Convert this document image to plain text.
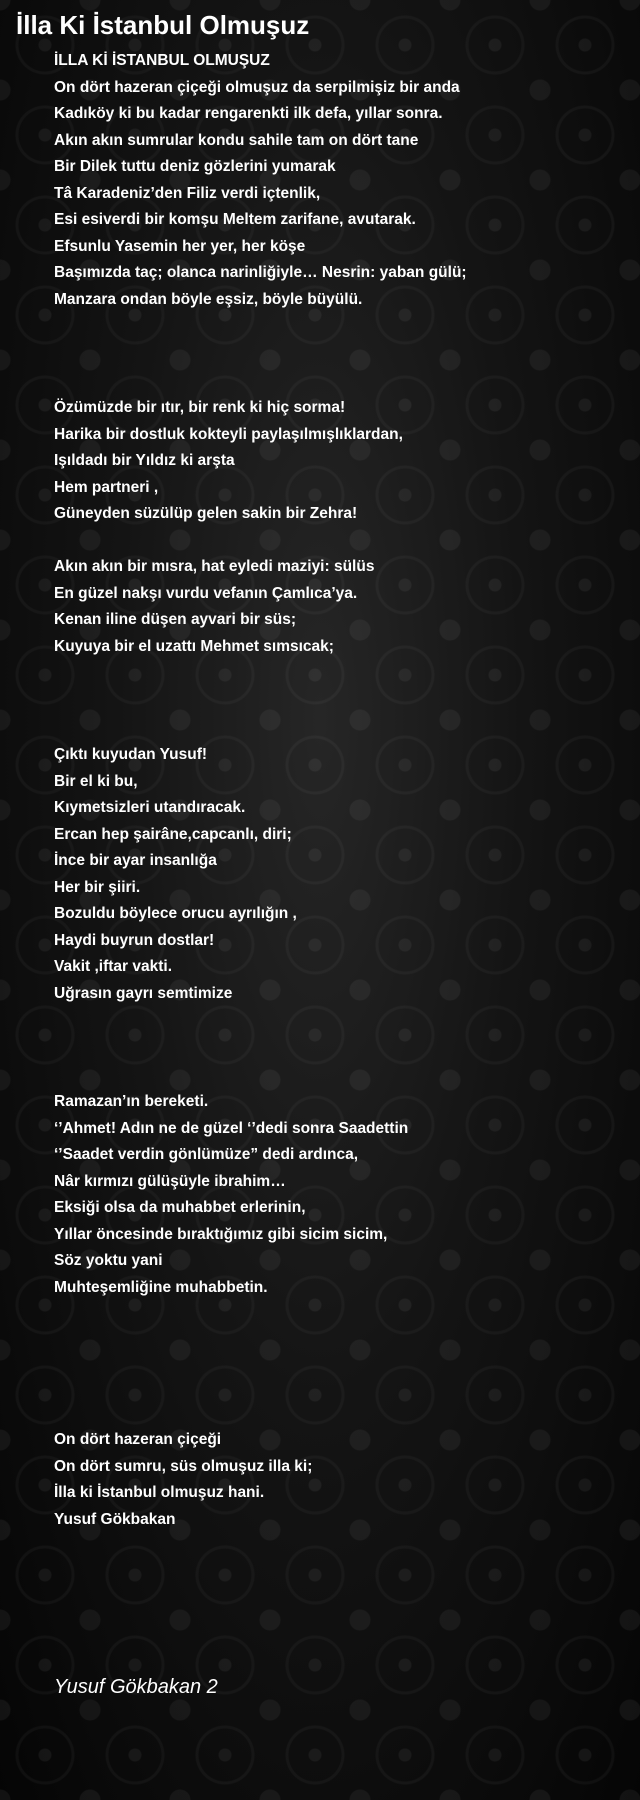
İlla Ki İstanbul Olmuşuz
İLLA Kİ İSTANBUL OLMUŞUZ
On dört hazeran çiçeği olmuşuz da serpilmişiz bir anda
Kadıköy ki bu kadar rengarenkti ilk defa, yıllar sonra.
Akın akın sumrular kondu sahile tam on dört tane
Bir Dilek tuttu deniz gözlerini yumarak
Tâ Karadeniz’den Filiz verdi içtenlik,
Esi esiverdi bir komşu Meltem zarifane, avutarak.
Efsunlu Yasemin her yer, her köşe
Başımızda taç; olanca narinliğiyle… Nesrin: yaban gülü;
Manzara ondan böyle eşsiz, böyle büyülü.
Özümüzde bir ıtır, bir renk ki hiç sorma!
Harika bir dostluk kokteyli paylaşılmışlıklardan,
Işıldadı bir Yıldız ki arşta
Hem partneri ,
Güneyden süzülüp gelen sakin bir Zehra!
Akın akın bir mısra, hat eyledi maziyi: sülüs
En güzel nakşı vurdu vefanın Çamlıca’ya.
Kenan iline düşen ayvari bir süs;
Kuyuya bir el uzattı Mehmet sımsıcak;
Çıktı kuyudan Yusuf!
Bir el ki bu,
Kıymetsizleri utandıracak.
Ercan hep şairâne,capcanlı, diri;
İnce bir ayar insanlığa
Her bir şiiri.
Bozuldu böylece orucu ayrılığın ,
Haydi buyrun dostlar!
Vakit ,iftar vakti.
Uğrasın gayrı semtimize
Ramazan’ın bereketi.
‘’Ahmet! Adın ne de güzel ‘’dedi sonra Saadettin
‘’Saadet verdin gönlümüze” dedi ardınca,
Nâr kırmızı gülüşüyle ibrahim…
Eksiği olsa da muhabbet erlerinin,
Yıllar öncesinde bıraktığımız gibi sicim sicim,
Söz yoktu yani
Muhteşemliğine muhabbetin.
On dört hazeran çiçeği
On dört sumru, süs olmuşuz illa ki;
İlla ki İstanbul olmuşuz hani.
Yusuf Gökbakan
Yusuf Gökbakan 2
